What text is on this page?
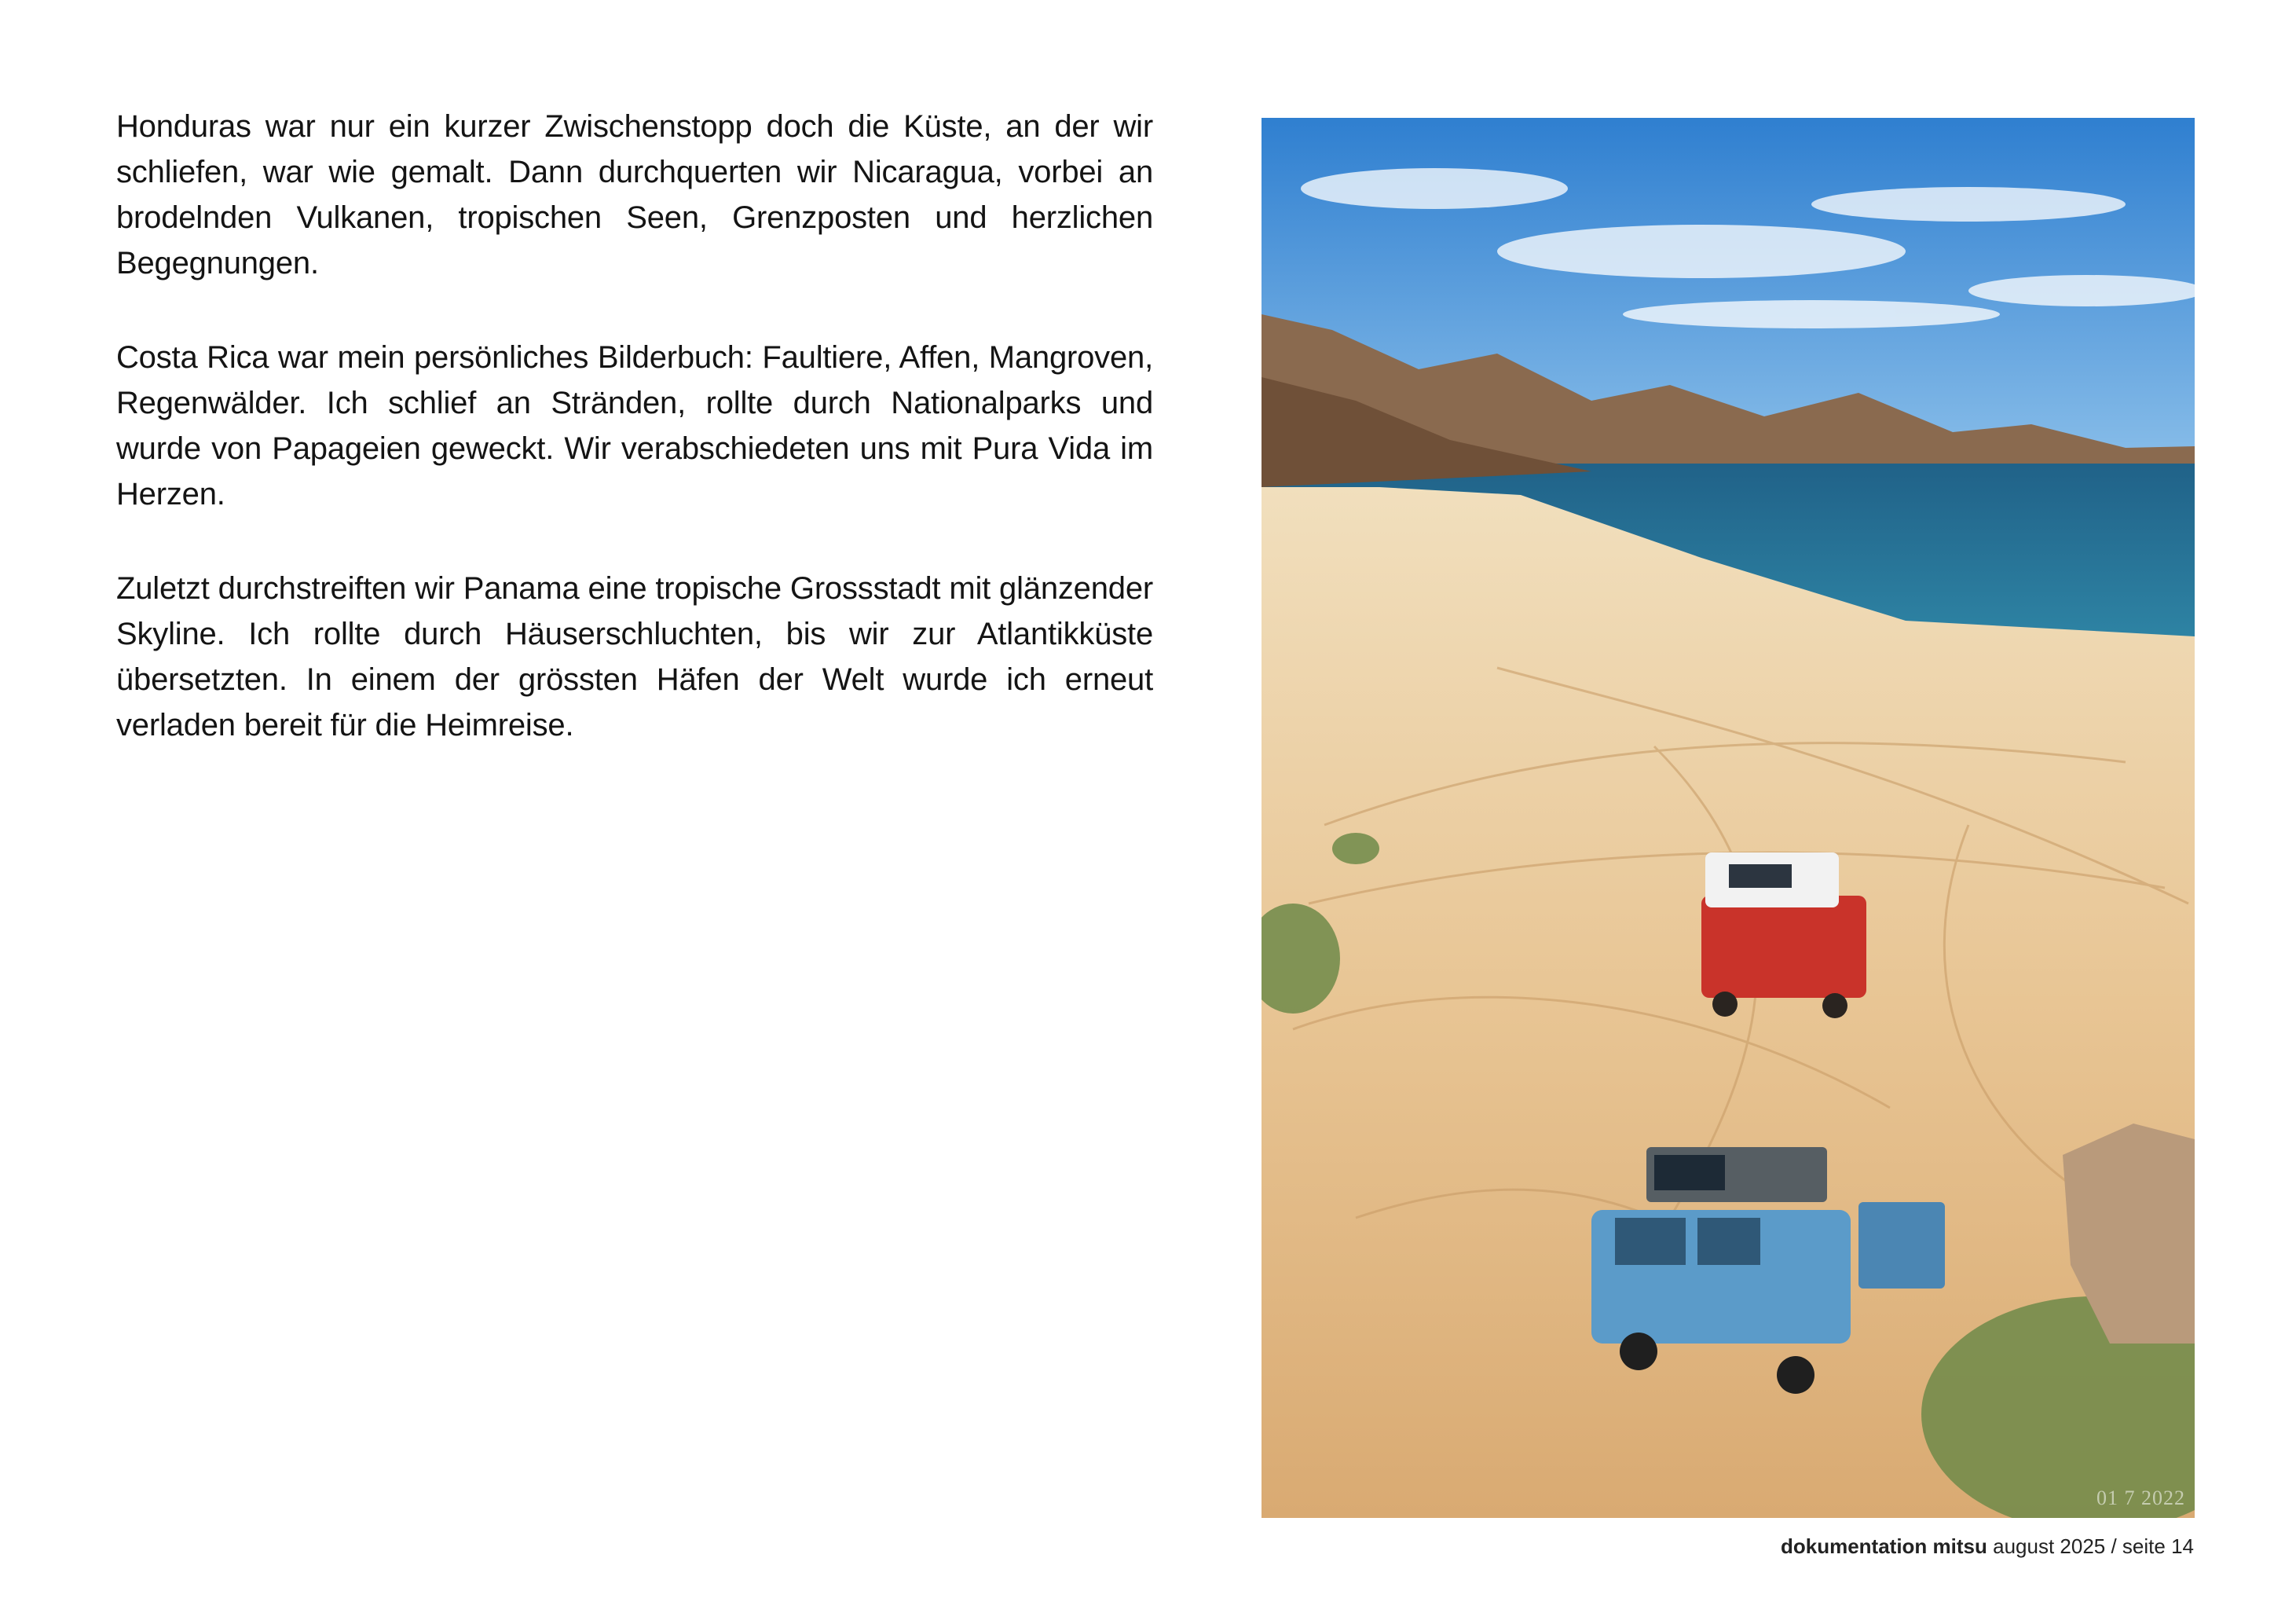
Honduras war nur ein kurzer Zwischenstopp doch die Küste, an der wir schliefen, war wie gemalt. Dann durchquerten wir Nicaragua, vorbei an brodelnden Vulkanen, tropischen Seen, Grenzposten und herzlichen Begegnungen.

Costa Rica war mein persönliches Bilderbuch: Faultiere, Affen, Mangroven, Regenwälder. Ich schlief an Stränden, rollte durch Nationalparks und wurde von Papageien geweckt. Wir verabschiedeten uns mit Pura Vida im Herzen.

Zuletzt durchstreiften wir Panama eine tropische Grossstadt mit glänzender Skyline. Ich rollte durch Häuserschluchten, bis wir zur Atlantikküste übersetzten. In einem der grössten Häfen der Welt wurde ich erneut verladen bereit für die Heimreise.

01 7 2022
dokumentation mitsu august 2025 / seite 14
